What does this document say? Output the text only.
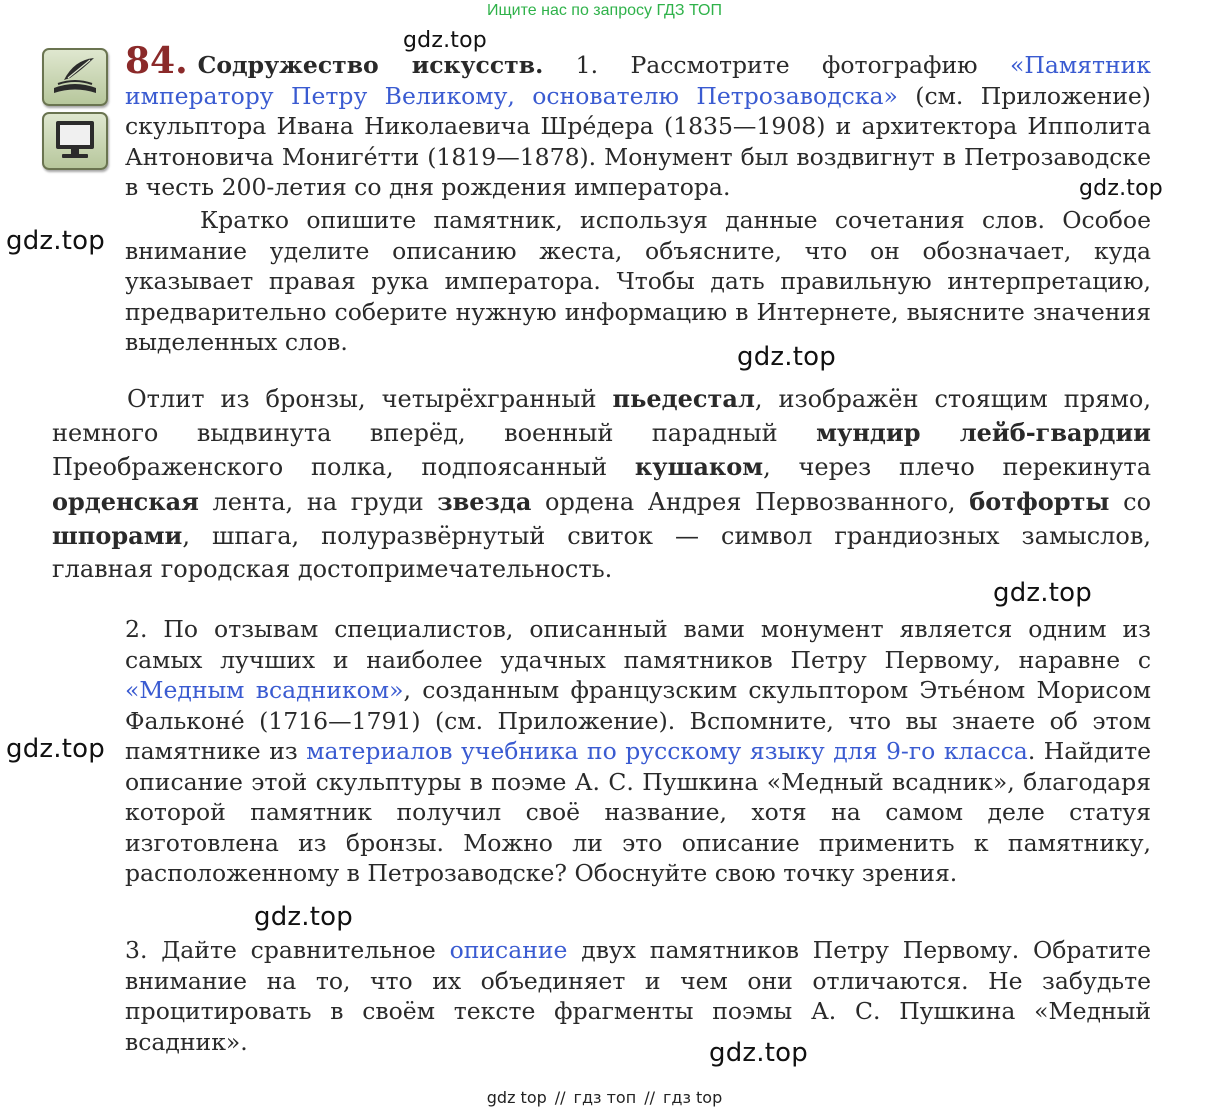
Ищите нас по запросу ГДЗ ТОП
84. Содружество искусств. 1. Рассмотрите фотографию «Памятник императору Петру Великому, основателю Петрозаводска» (см. Приложение) скульптора Ивана Николаевича Шрéдера (1835—1908) и архитектора Ипполита Антоновича Монигéтти (1819—1878). Монумент был воздвигнут в Петрозаводске в честь 200-летия со дня рождения императора.
Кратко опишите памятник, используя данные сочетания слов. Особое внимание уделите описанию жеста, объясните, что он обозначает, куда указывает правая рука императора. Чтобы дать правильную интерпретацию, предварительно соберите нужную информацию в Интернете, выясните значения выделенных слов.
Отлит из бронзы, четырёхгранный пьедестал, изображён стоящим прямо, немного выдвинута вперёд, военный парадный мундир лейб-гвардии Преображенского полка, подпоясанный кушаком, через плечо перекинута орденская лента, на груди звезда ордена Андрея Первозванного, ботфорты со шпорами, шпага, полуразвёрнутый свиток — символ грандиозных замыслов, главная городская достопримечательность.
2. По отзывам специалистов, описанный вами монумент является одним из самых лучших и наиболее удачных памятников Петру Первому, наравне с «Медным всадником», созданным французским скульптором Этьéном Морисом Фальконé (1716—1791) (см. Приложение). Вспомните, что вы знаете об этом памятнике из материалов учебника по русскому языку для 9-го класса. Найдите описание этой скульптуры в поэме А. С. Пушкина «Медный всадник», благодаря которой памятник получил своё название, хотя на самом деле статуя изготовлена из бронзы. Можно ли это описание применить к памятнику, расположенному в Петрозаводске? Обоснуйте свою точку зрения.
3. Дайте сравнительное описание двух памятников Петру Первому. Обратите внимание на то, что их объединяет и чем они отличаются. Не забудьте процитировать в своём тексте фрагменты поэмы А. С. Пушкина «Медный всадник».
gdz.top
gdz.top
gdz.top
gdz.top
gdz.top
gdz.top
gdz.top
gdz.top
gdz top // гдз топ // гдз top
